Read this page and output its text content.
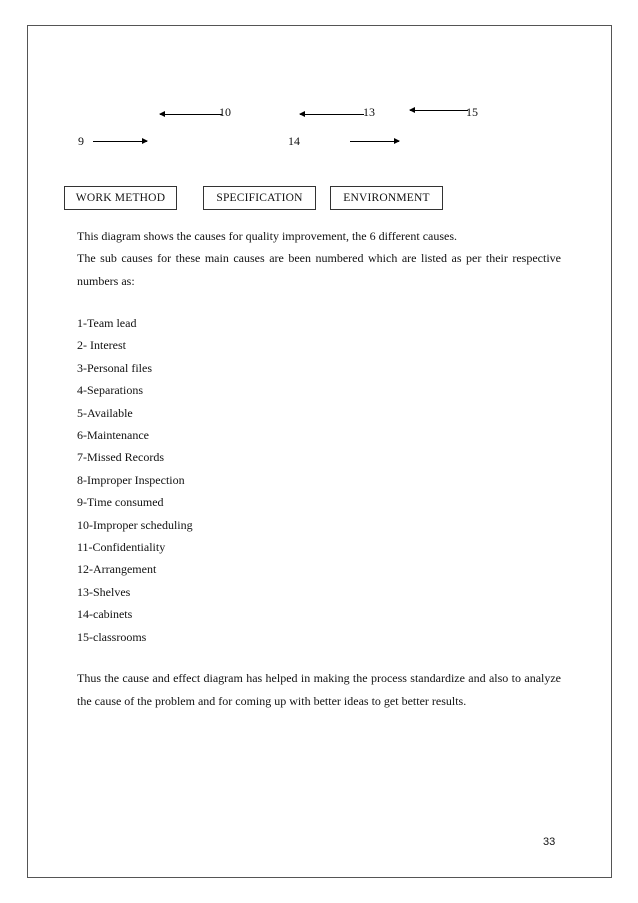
10	13	15
9	14
WORK METHOD	SPECIFICATION	ENVIRONMENT
This diagram shows the causes for quality improvement, the 6 different causes.
The sub causes for these main causes are been numbered which are listed as per their respective numbers as:
1-Team lead
2- Interest
3-Personal files
4-Separations
5-Available
6-Maintenance
7-Missed Records
8-Improper Inspection
9-Time consumed
10-Improper scheduling
11-Confidentiality
12-Arrangement
13-Shelves
14-cabinets
15-classrooms
Thus the cause and effect diagram has helped in making the process standardize and also to analyze the cause of the problem and for coming up with better ideas to get better results.
33
